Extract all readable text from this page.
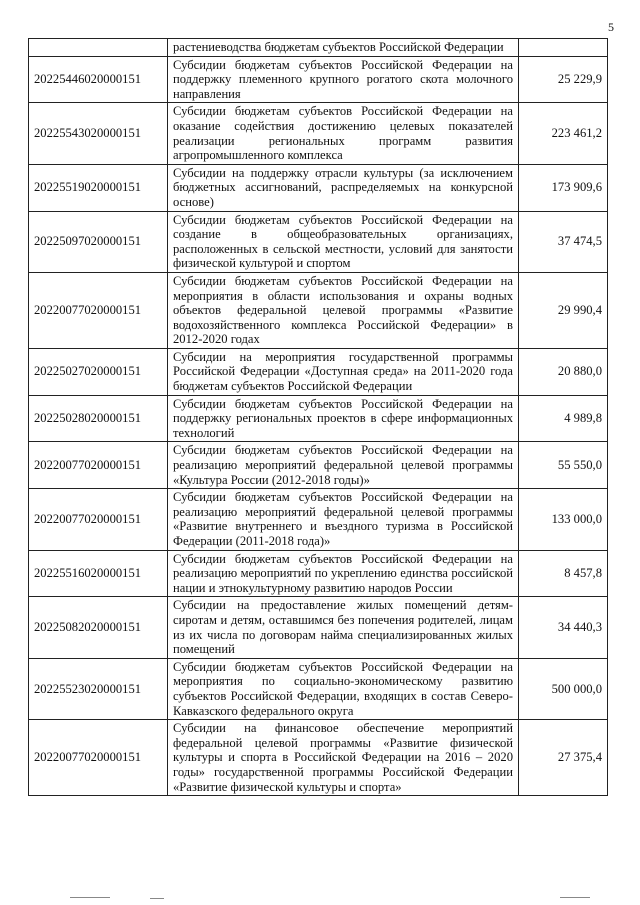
5
	растениеводства бюджетам субъектов Российской Федерации	
20225446020000151	Субсидии бюджетам субъектов Российской Федерации на поддержку племенного крупного рогатого скота молочного направления	25 229,9
20225543020000151	Субсидии бюджетам субъектов Российской Федерации на оказание содействия достижению целевых показателей реализации региональных программ развития агропромышленного комплекса	223 461,2
20225519020000151	Субсидии на поддержку отрасли культуры (за исключением бюджетных ассигнований, распределяемых на конкурсной основе)	173 909,6
20225097020000151	Субсидии бюджетам субъектов Российской Федерации на создание в общеобразовательных организациях, расположенных в сельской местности, условий для занятости физической культурой и спортом	37 474,5
20220077020000151	Субсидии бюджетам субъектов Российской Федерации на мероприятия в области использования и охраны водных объектов федеральной целевой программы «Развитие водохозяйственного комплекса Российской Федерации» в 2012-2020 годах	29 990,4
20225027020000151	Субсидии на мероприятия государственной программы Российской Федерации «Доступная среда» на 2011-2020 года бюджетам субъектов Российской Федерации	20 880,0
20225028020000151	Субсидии бюджетам субъектов Российской Федерации на поддержку региональных проектов в сфере информационных технологий	4 989,8
20220077020000151	Субсидии бюджетам субъектов Российской Федерации на реализацию мероприятий федеральной целевой программы «Культура России (2012-2018 годы)»	55 550,0
20220077020000151	Субсидии бюджетам субъектов Российской Федерации на реализацию мероприятий федеральной целевой программы «Развитие внутреннего и въездного туризма в Российской Федерации (2011-2018 года)»	133 000,0
20225516020000151	Субсидии бюджетам субъектов Российской Федерации на реализацию мероприятий по укреплению единства российской нации и этнокультурному развитию народов России	8 457,8
20225082020000151	Субсидии на предоставление жилых помещений детям-сиротам и детям, оставшимся без попечения родителей, лицам из их числа по договорам найма специализированных жилых помещений	34 440,3
20225523020000151	Субсидии бюджетам субъектов Российской Федерации на мероприятия по социально-экономическому развитию субъектов Российской Федерации, входящих в состав Северо-Кавказского федерального округа	500 000,0
20220077020000151	Субсидии на финансовое обеспечение мероприятий федеральной целевой программы «Развитие физической культуры и спорта в Российской Федерации на 2016 – 2020 годы» государственной программы Российской Федерации «Развитие физической культуры и спорта»	27 375,4
